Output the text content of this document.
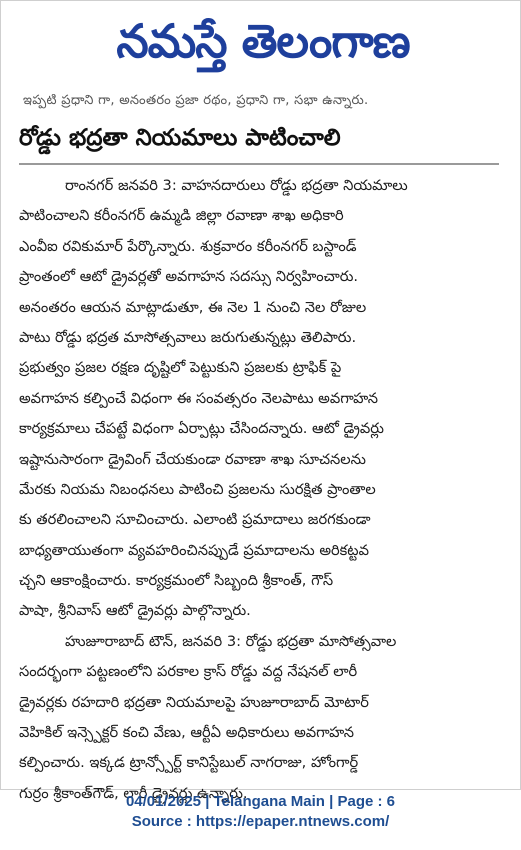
నమస్తే తెలంగాణ
ఇప్పటి ప్రధాని గా, అనంతరం ప్రజా రథం, ప్రధాని గా, సభా ఉన్నారు.
రోడ్డు భద్రతా నియమాలు పాటించాలి
రాంనగర్ జనవరి 3: వాహనదారులు రోడ్డు భద్రతా నియమాలు
పాటించాలని కరీంనగర్ ఉమ్మడి జిల్లా రవాణా శాఖ అధికారి
ఎంవీఐ రవికుమార్ పేర్కొన్నారు. శుక్రవారం కరీంనగర్ బస్టాండ్
ప్రాంతంలో ఆటో డ్రైవర్లతో అవగాహన సదస్సు నిర్వహించారు.
అనంతరం ఆయన మాట్లాడుతూ, ఈ నెల 1 నుంచి నెల రోజుల
పాటు రోడ్డు భద్రత మాసోత్సవాలు జరుగుతున్నట్లు తెలిపారు.
ప్రభుత్వం ప్రజల రక్షణ దృష్టిలో పెట్టుకుని ప్రజలకు ట్రాఫిక్ పై
అవగాహన కల్పించే విధంగా ఈ సంవత్సరం నెలపాటు అవగాహన
కార్యక్రమాలు చేపట్టే విధంగా ఏర్పాట్లు చేసిందన్నారు. ఆటో డ్రైవర్లు
ఇష్టానుసారంగా డ్రైవింగ్ చేయకుండా రవాణా శాఖ సూచనలను
మేరకు నియమ నిబంధనలు పాటించి ప్రజలను సురక్షిత ప్రాంతాల
కు తరలించాలని సూచించారు. ఎలాంటి ప్రమాదాలు జరగకుండా
బాధ్యతాయుతంగా వ్యవహరించినప్పుడే ప్రమాదాలను అరికట్టవ
చ్చని ఆకాంక్షించారు. కార్యక్రమంలో సిబ్బంది శ్రీకాంత్, గౌస్
పాషా, శ్రీనివాస్ ఆటో డ్రైవర్లు పాల్గొన్నారు.
హుజూరాబాద్ టౌన్, జనవరి 3: రోడ్డు భద్రతా మాసోత్సవాల
సందర్భంగా పట్టణంలోని పరకాల క్రాస్ రోడ్డు వద్ద నేషనల్ లారీ
డ్రైవర్లకు రహదారి భద్రతా నియమాలపై హుజూరాబాద్ మోటార్
వెహికిల్ ఇన్స్పెక్టర్ కంచి వేణు, ఆర్టీఏ అధికారులు అవగాహన
కల్పించారు. ఇక్కడ ట్రాన్స్పోర్ట్ కానిస్టేబుల్ నాగరాజు, హోంగార్డ్
గుర్రం శ్రీకాంత్‌గౌడ్, లారీ డ్రైవర్లు ఉన్నారు.
04/01/2025 | Telangana Main | Page : 6
Source : https://epaper.ntnews.com/
